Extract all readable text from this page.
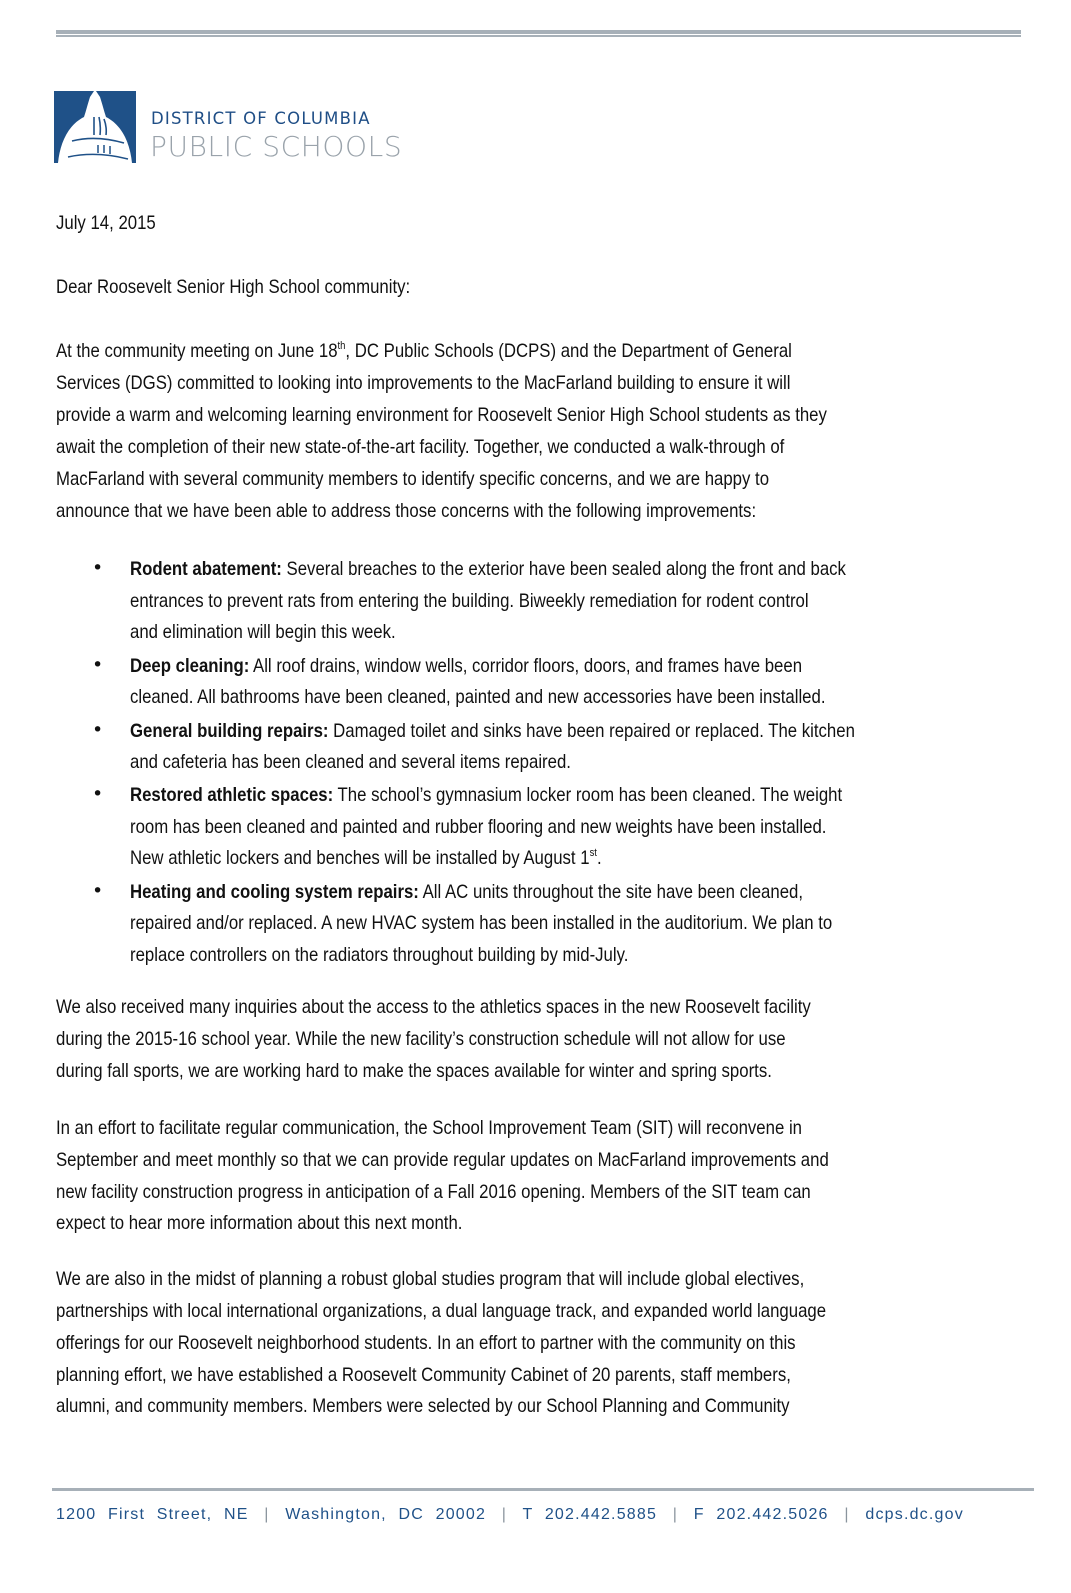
DISTRICT OF COLUMBIA
PUBLIC SCHOOLS
July 14, 2015
Dear Roosevelt Senior High School community:
At the community meeting on June 18th, DC Public Schools (DCPS) and the Department of General
Services (DGS) committed to looking into improvements to the MacFarland building to ensure it will
provide a warm and welcoming learning environment for Roosevelt Senior High School students as they
await the completion of their new state-of-the-art facility. Together, we conducted a walk-through of
MacFarland with several community members to identify specific concerns, and we are happy to
announce that we have been able to address those concerns with the following improvements:
• Rodent abatement: Several breaches to the exterior have been sealed along the front and back
entrances to prevent rats from entering the building. Biweekly remediation for rodent control
and elimination will begin this week.
• Deep cleaning: All roof drains, window wells, corridor floors, doors, and frames have been
cleaned. All bathrooms have been cleaned, painted and new accessories have been installed.
• General building repairs: Damaged toilet and sinks have been repaired or replaced. The kitchen
and cafeteria has been cleaned and several items repaired.
• Restored athletic spaces: The school’s gymnasium locker room has been cleaned. The weight
room has been cleaned and painted and rubber flooring and new weights have been installed.
New athletic lockers and benches will be installed by August 1st.
• Heating and cooling system repairs: All AC units throughout the site have been cleaned,
repaired and/or replaced. A new HVAC system has been installed in the auditorium. We plan to
replace controllers on the radiators throughout building by mid-July.
We also received many inquiries about the access to the athletics spaces in the new Roosevelt facility
during the 2015-16 school year. While the new facility’s construction schedule will not allow for use
during fall sports, we are working hard to make the spaces available for winter and spring sports.
In an effort to facilitate regular communication, the School Improvement Team (SIT) will reconvene in
September and meet monthly so that we can provide regular updates on MacFarland improvements and
new facility construction progress in anticipation of a Fall 2016 opening. Members of the SIT team can
expect to hear more information about this next month.
We are also in the midst of planning a robust global studies program that will include global electives,
partnerships with local international organizations, a dual language track, and expanded world language
offerings for our Roosevelt neighborhood students. In an effort to partner with the community on this
planning effort, we have established a Roosevelt Community Cabinet of 20 parents, staff members,
alumni, and community members. Members were selected by our School Planning and Community
1200 First Street, NE | Washington, DC 20002 | T 202.442.5885 | F 202.442.5026 | dcps.dc.gov
